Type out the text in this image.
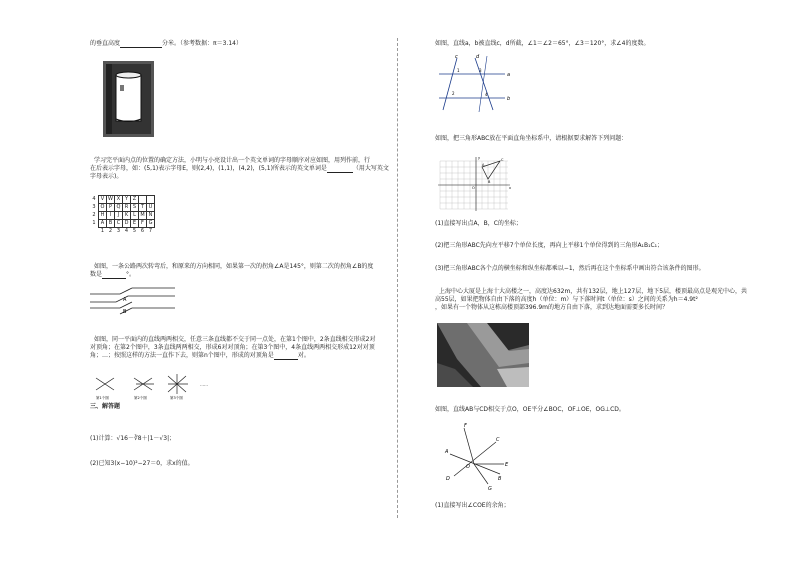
的垂直高度	分米。（参考数据：π＝3.14）
学习完平面内点的位置的确定方法，小明与小亮设计出一个英文单词的字母顺序对应如图，用列作前，行
在后表示字母，如：(5,1)表示字母E，则(2,4)，(1,1)，(4,2)，(5,1)所表示的英文单词是	（用大写英文
字母表示)。
4	V	W	X	Y	Z		
3	O	P	Q	R	S	T	U
2	H	I	J	K	L	M	N
1	A	B	C	D	E	F	G
	1	2	3	4	5	6	7
如图，一条公路两次转弯后，和原来的方向相同，如果第一次的拐角∠A是145°，则第二次的拐角∠B的度
数是	°。
A
B
如图，同一平面内的直线两两相交，任意三条直线都不交于同一点处，在第1个图中，2条直线相交形成2对
对顶角；在第2个图中，3条直线两两相交，形成6对对顶角；在第3个图中，4条直线两两相交形成12对对顶
角；…；按照这样的方法一直作下去，则第n个图中，形成的对顶角是	对。
第1个图	第2个图	第3个图
……
三、解答题
(1)计算：√16－∛8＋|1－√3|；
(2)已知3(x−10)²−27＝0，求x的值。
如图，直线a，b被直线c，d所截，∠1＝∠2＝65°，∠3＝120°，求∠4的度数。
c	d
a
b
1
2
3
4
如图，把三角形ABC放在平面直角坐标系中，请根据要求解答下列问题：
A
C
B
O	x
y
(1)直接写出点A，B，C的坐标；
(2)把三角形ABC先向左平移7个单位长度，再向上平移1个单位得到的三角形A₁B₁C₁；
(3)把三角形ABC各个点的横坐标和纵坐标都乘以−1，然后再在这个坐标系中画出符合该条件的图形。
上海中心大厦是上海十大高楼之一，高度达632m，共有132层，地上127层，地下5层，楼顶最高点是观光中心，共
高55层，如果把物体自由下落的高度h（单位：m）与下落时间t（单位：s）之间的关系为h＝4.9t²
，如果有一个物体从这栋高楼顶部396.9m的地方自由下落，求到达地面需要多长时间？
如图，直线AB与CD相交于点O，OE平分∠BOC，OF⊥OE，OG⊥CD。
F
A
C
O	E
D	B
G
(1)直接写出∠COE的余角；
